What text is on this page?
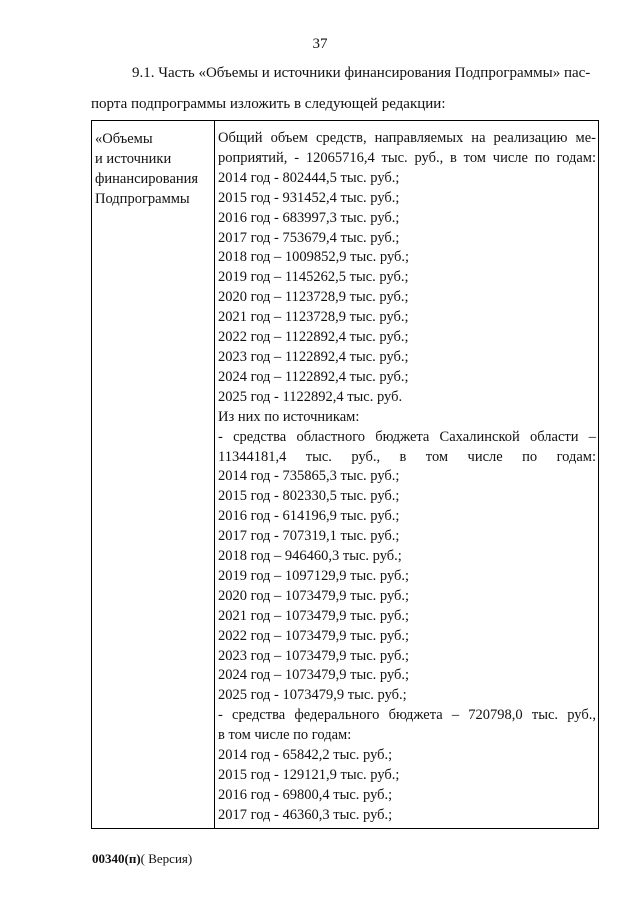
37
9.1. Часть «Объемы и источники финансирования Подпрограммы» пас-
порта подпрограммы изложить в следующей редакции:
«Объемы
и источники
финансирования
Подпрограммы
Общий объем средств, направляемых на реализацию ме-
роприятий, - 12065716,4 тыс. руб., в том числе по годам:
2014 год - 802444,5 тыс. руб.;
2015 год - 931452,4 тыс. руб.;
2016 год - 683997,3 тыс. руб.;
2017 год - 753679,4 тыс. руб.;
2018 год – 1009852,9 тыс. руб.;
2019 год – 1145262,5 тыс. руб.;
2020 год – 1123728,9 тыс. руб.;
2021 год – 1123728,9 тыс. руб.;
2022 год – 1122892,4 тыс. руб.;
2023 год – 1122892,4 тыс. руб.;
2024 год – 1122892,4 тыс. руб.;
2025 год - 1122892,4 тыс. руб.
Из них по источникам:
- средства областного бюджета Сахалинской области –
11344181,4 тыс. руб., в том числе по годам:
2014 год - 735865,3 тыс. руб.;
2015 год - 802330,5 тыс. руб.;
2016 год - 614196,9 тыс. руб.;
2017 год - 707319,1 тыс. руб.;
2018 год – 946460,3 тыс. руб.;
2019 год – 1097129,9 тыс. руб.;
2020 год – 1073479,9 тыс. руб.;
2021 год – 1073479,9 тыс. руб.;
2022 год – 1073479,9 тыс. руб.;
2023 год – 1073479,9 тыс. руб.;
2024 год – 1073479,9 тыс. руб.;
2025 год - 1073479,9 тыс. руб.;
- средства федерального бюджета – 720798,0 тыс. руб.,
в том числе по годам:
2014 год - 65842,2 тыс. руб.;
2015 год - 129121,9 тыс. руб.;
2016 год - 69800,4 тыс. руб.;
2017 год - 46360,3 тыс. руб.;
00340(п)( Версия)
